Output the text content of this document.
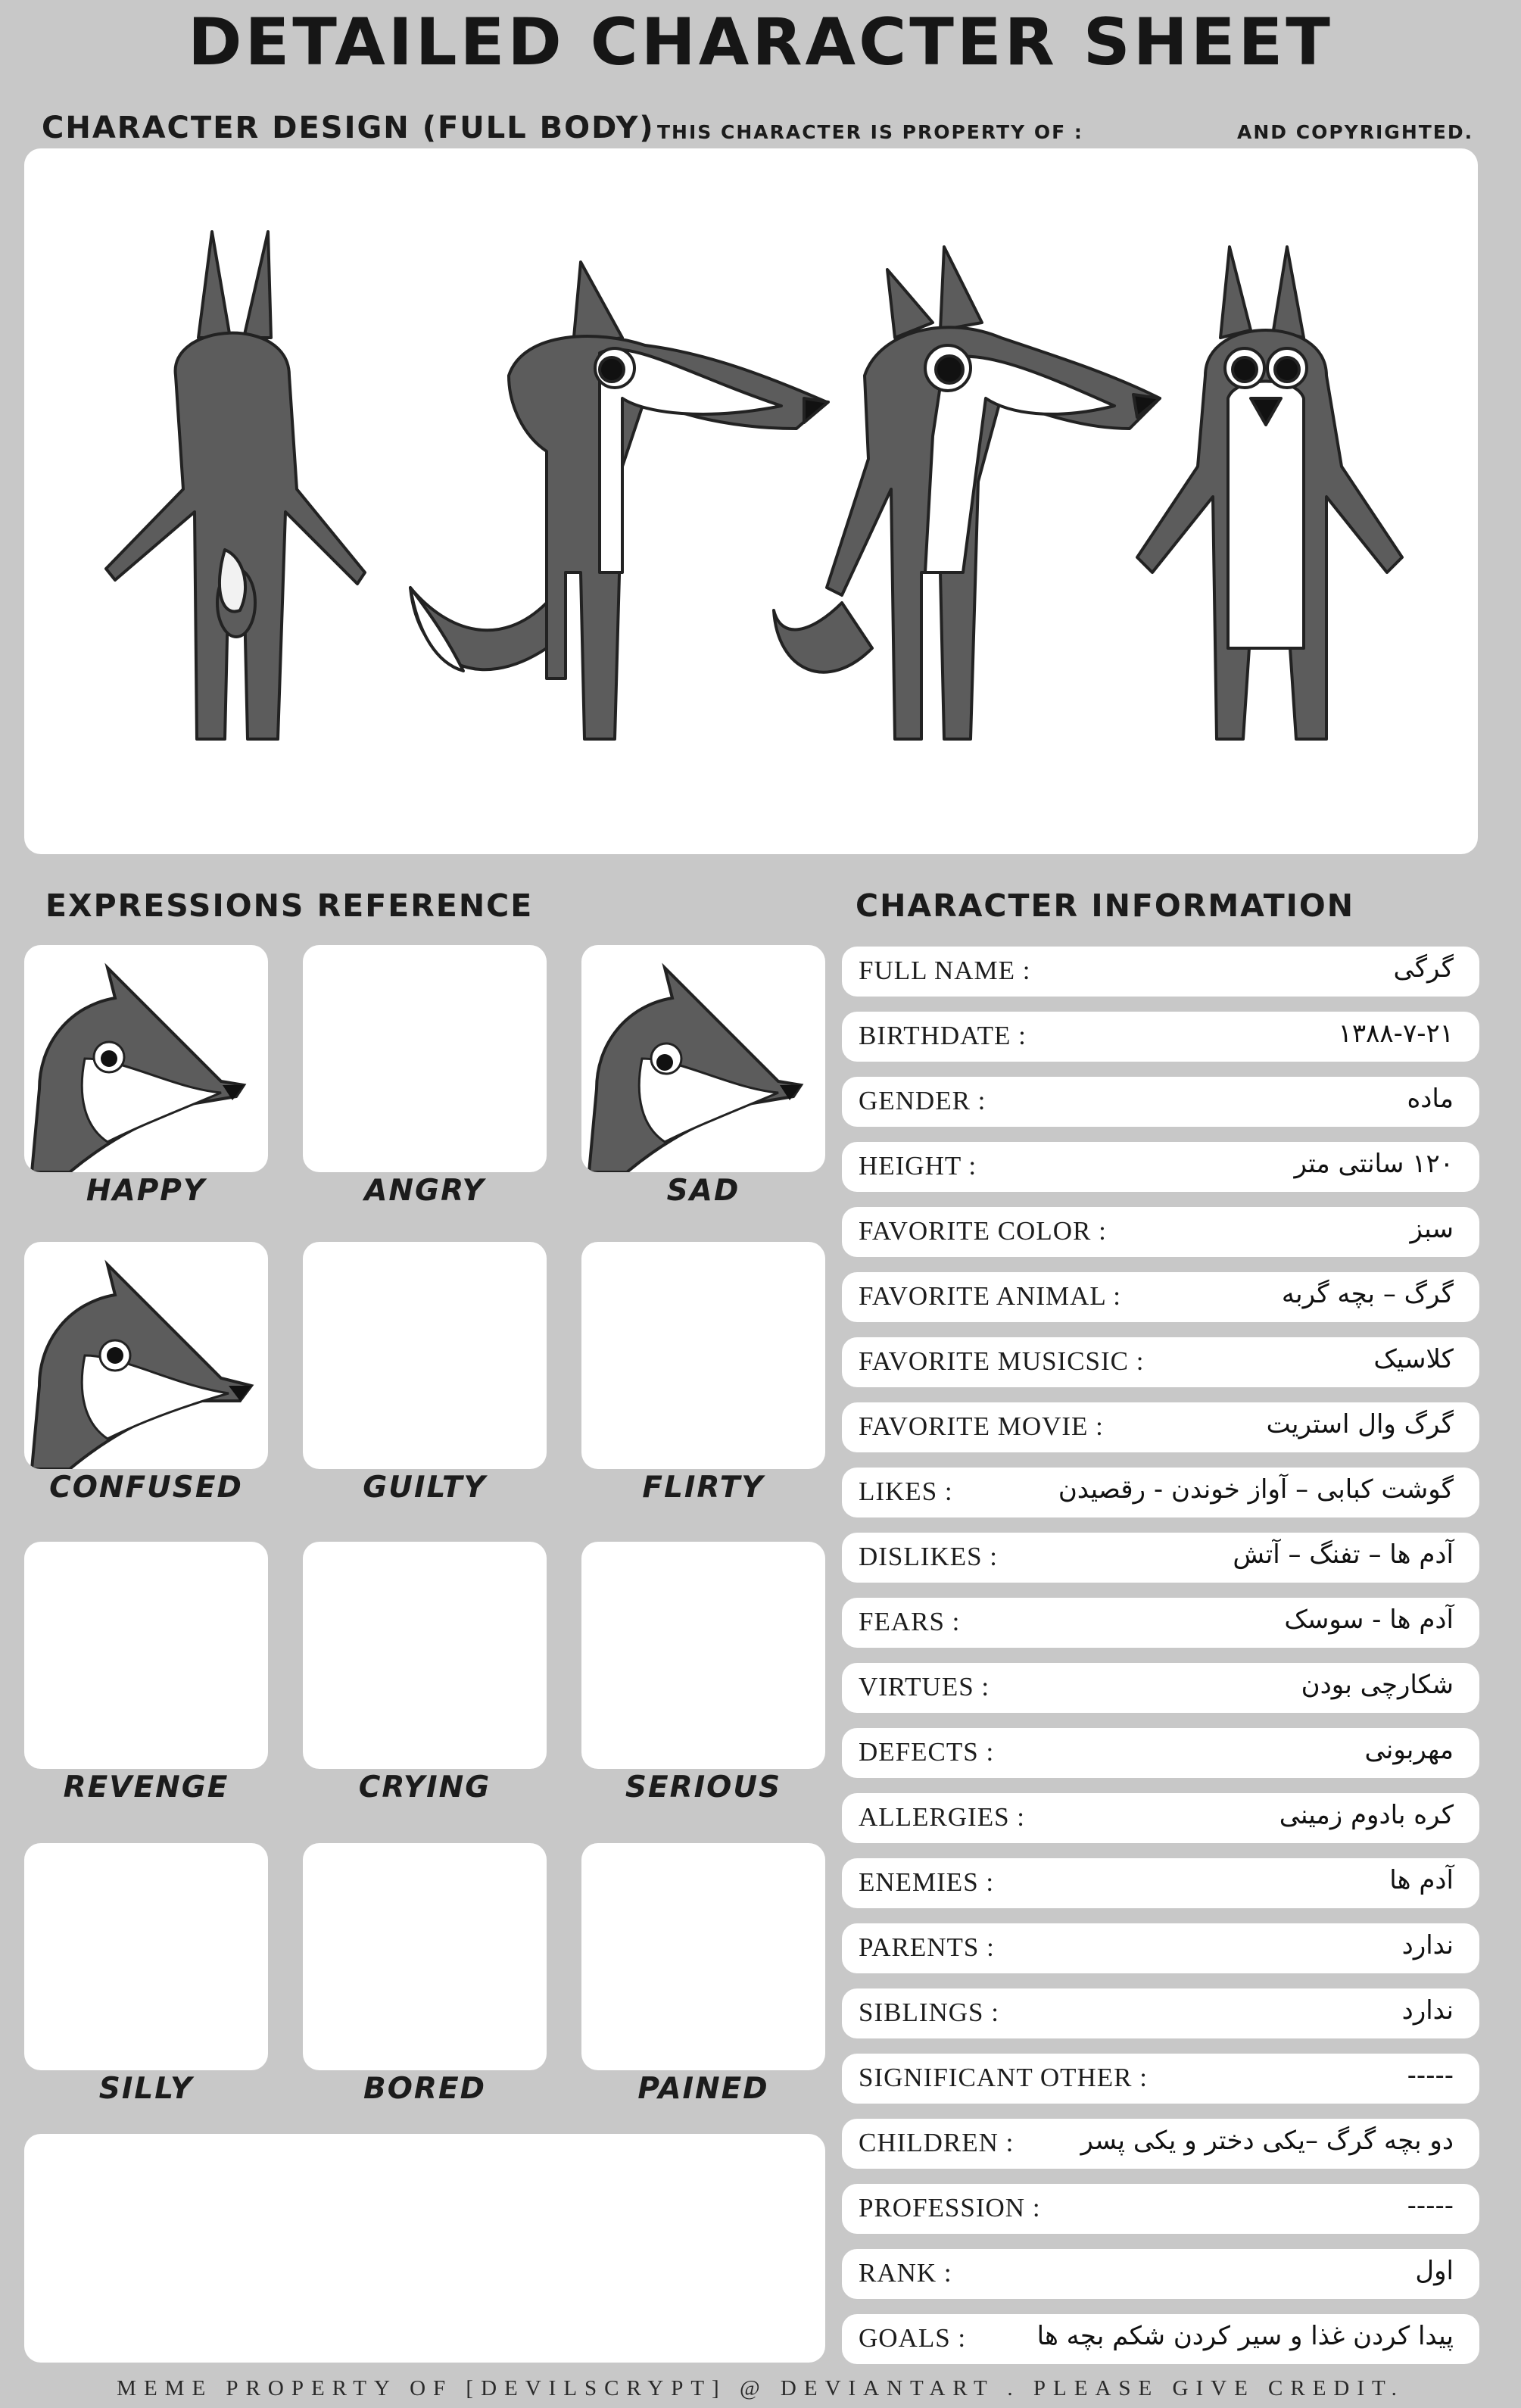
DETAILED CHARACTER SHEET
CHARACTER DESIGN (FULL BODY) THIS CHARACTER IS PROPERTY OF :	AND COPYRIGHTED.
EXPRESSIONS REFERENCE
HAPPY	ANGRY	SAD
CONFUSED	GUILTY	FLIRTY
REVENGE	CRYING	SERIOUS
SILLY	BORED	PAINED
CHARACTER INFORMATION
FULL NAME :	گرگی
BIRTHDATE :	۱۳۸۸-۷-۲۱
GENDER :	ماده
HEIGHT :	۱۲۰ سانتی متر
FAVORITE COLOR :	سبز
FAVORITE ANIMAL :	گرگ – بچه گربه
FAVORITE MUSICSIC :	کلاسیک
FAVORITE MOVIE :	گرگ وال استریت
LIKES :	گوشت کبابی – آواز خوندن - رقصیدن
DISLIKES :	آدم ها – تفنگ – آتش
FEARS :	آدم ها - سوسک
VIRTUES :	شکارچی بودن
DEFECTS :	مهربونی
ALLERGIES :	کره بادوم زمینی
ENEMIES :	آدم ها
PARENTS :	ندارد
SIBLINGS :	ندارد
SIGNIFICANT OTHER :	-----
CHILDREN :	دو بچه گرگ –یکی دختر و یکی پسر
PROFESSION :	-----
RANK :	اول
GOALS :	پیدا کردن غذا و سیر کردن شکم بچه ها
MEME PROPERTY OF [DEVILSCRYPT] @ DEVIANTART . PLEASE GIVE CREDIT.
